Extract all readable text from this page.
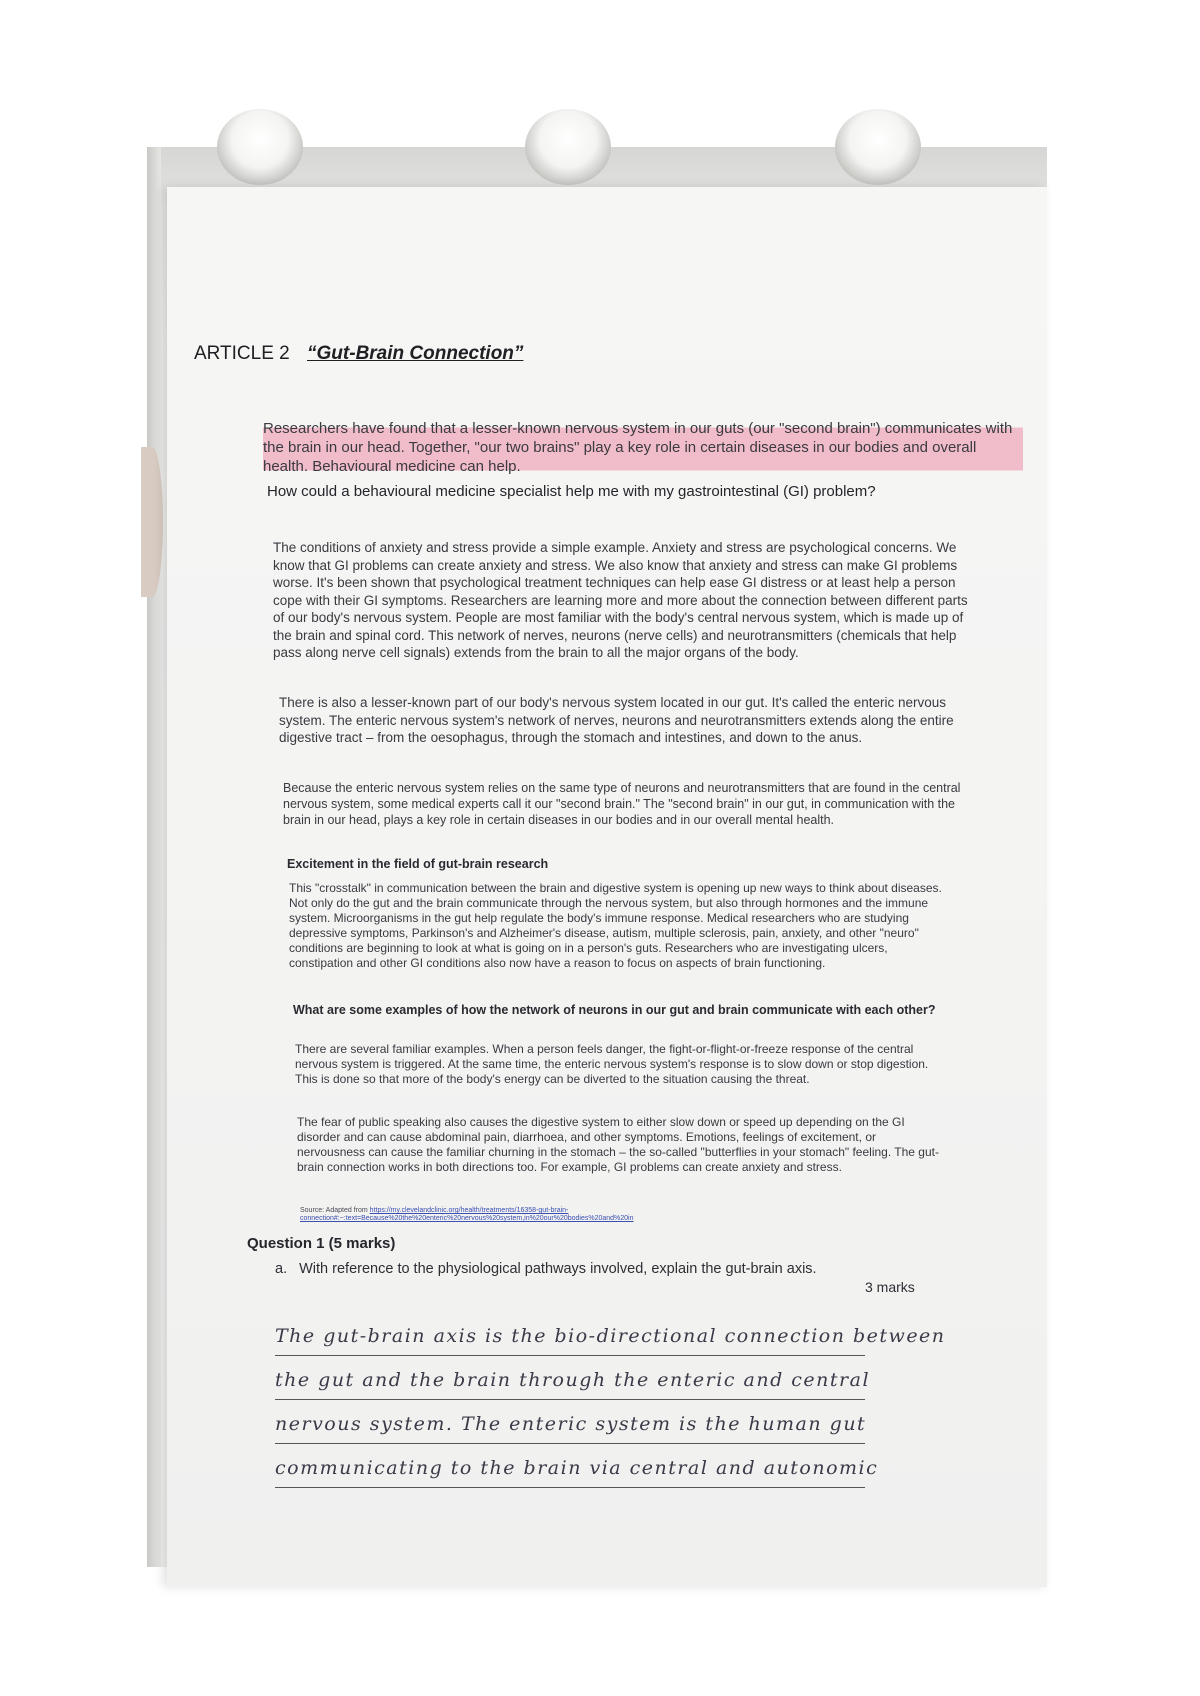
ARTICLE 2 “Gut-Brain Connection”

Researchers have found that a lesser-known nervous system in our guts (our "second brain") communicates with the brain in our head. Together, "our two brains" play a key role in certain diseases in our bodies and overall health. Behavioural medicine can help.

How could a behavioural medicine specialist help me with my gastrointestinal (GI) problem?

The conditions of anxiety and stress provide a simple example. Anxiety and stress are psychological concerns. We know that GI problems can create anxiety and stress. We also know that anxiety and stress can make GI problems worse. It's been shown that psychological treatment techniques can help ease GI distress or at least help a person cope with their GI symptoms. Researchers are learning more and more about the connection between different parts of our body's nervous system. People are most familiar with the body's central nervous system, which is made up of the brain and spinal cord. This network of nerves, neurons (nerve cells) and neurotransmitters (chemicals that help pass along nerve cell signals) extends from the brain to all the major organs of the body.

There is also a lesser-known part of our body's nervous system located in our gut. It's called the enteric nervous system. The enteric nervous system's network of nerves, neurons and neurotransmitters extends along the entire digestive tract – from the oesophagus, through the stomach and intestines, and down to the anus.

Because the enteric nervous system relies on the same type of neurons and neurotransmitters that are found in the central nervous system, some medical experts call it our "second brain." The "second brain" in our gut, in communication with the brain in our head, plays a key role in certain diseases in our bodies and in our overall mental health.

Excitement in the field of gut-brain research

This "crosstalk" in communication between the brain and digestive system is opening up new ways to think about diseases. Not only do the gut and the brain communicate through the nervous system, but also through hormones and the immune system. Microorganisms in the gut help regulate the body's immune response. Medical researchers who are studying depressive symptoms, Parkinson's and Alzheimer's disease, autism, multiple sclerosis, pain, anxiety, and other "neuro" conditions are beginning to look at what is going on in a person's guts. Researchers who are investigating ulcers, constipation and other GI conditions also now have a reason to focus on aspects of brain functioning.

What are some examples of how the network of neurons in our gut and brain communicate with each other?

There are several familiar examples. When a person feels danger, the fight-or-flight-or-freeze response of the central nervous system is triggered. At the same time, the enteric nervous system's response is to slow down or stop digestion. This is done so that more of the body's energy can be diverted to the situation causing the threat.

The fear of public speaking also causes the digestive system to either slow down or speed up depending on the GI disorder and can cause abdominal pain, diarrhoea, and other symptoms. Emotions, feelings of excitement, or nervousness can cause the familiar churning in the stomach – the so-called "butterflies in your stomach" feeling. The gut-brain connection works in both directions too. For example, GI problems can create anxiety and stress.

Source: Adapted from https://my.clevelandclinic.org/health/treatments/16358-gut-brain-connection#:~:text=Because%20the%20enteric%20nervous%20system,in%20our%20bodies%20and%20in
Question 1 (5 marks)
a. With reference to the physiological pathways involved, explain the gut-brain axis.
3 marks
The gut-brain axis is the bio-directional connection between
the gut and the brain through the enteric and central
nervous system. The enteric system is the human gut
communicating to the brain via central and autonomic
